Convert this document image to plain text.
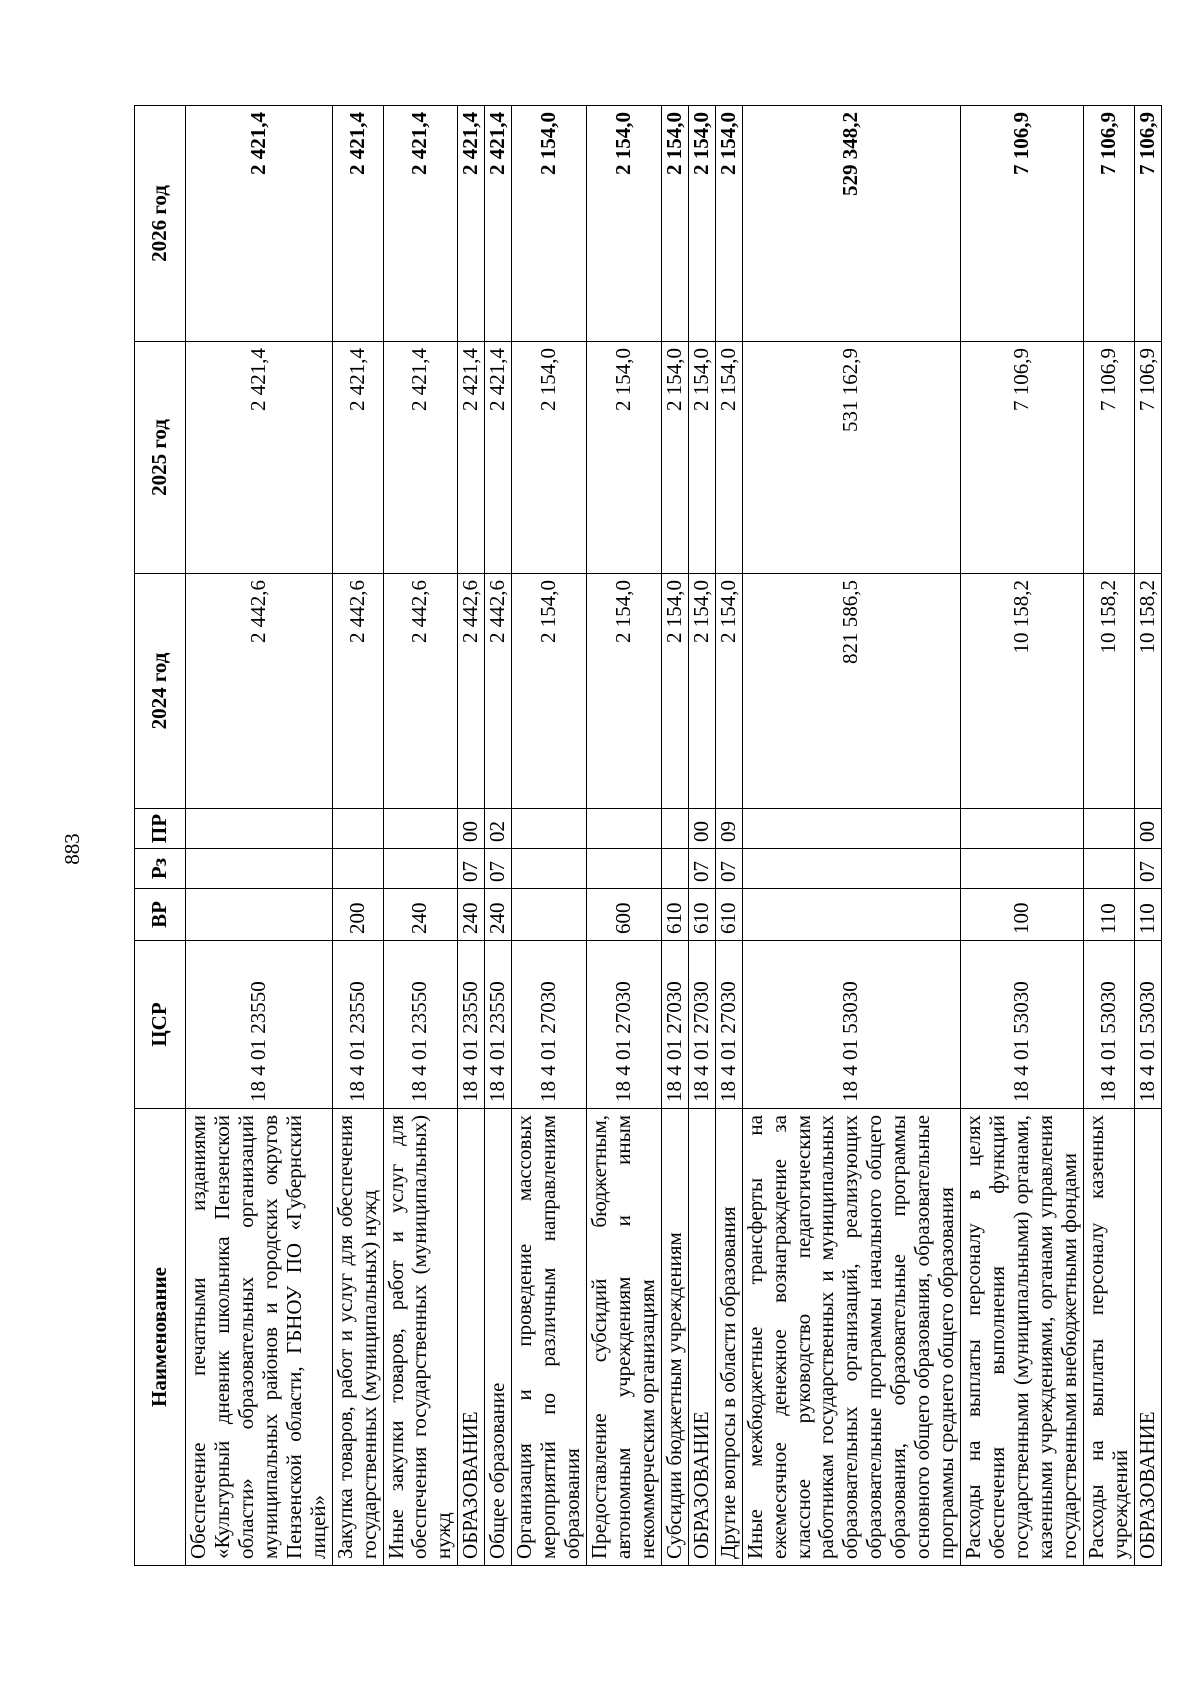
883
Наименование	ЦСР	ВР	Рз	ПР	2024 год	2025 год	2026 год
Обеспечение печатными изданиями «Культурный дневник школьника Пензенской области» образовательных организаций муниципальных районов и городских округов Пензенской области, ГБНОУ ПО «Губернский лицей»	18 4 01 23550				2 442,6	2 421,4	2 421,4
Закупка товаров, работ и услуг для обеспечения государственных (муниципальных) нужд	18 4 01 23550	200			2 442,6	2 421,4	2 421,4
Иные закупки товаров, работ и услуг для обеспечения государственных (муниципальных) нужд	18 4 01 23550	240			2 442,6	2 421,4	2 421,4
ОБРАЗОВАНИЕ	18 4 01 23550	240	07	00	2 442,6	2 421,4	2 421,4
Общее образование	18 4 01 23550	240	07	02	2 442,6	2 421,4	2 421,4
Организация и проведение массовых мероприятий по различным направлениям образования	18 4 01 27030				2 154,0	2 154,0	2 154,0
Предоставление субсидий бюджетным, автономным учреждениям и иным некоммерческим организациям	18 4 01 27030	600			2 154,0	2 154,0	2 154,0
Субсидии бюджетным учреждениям	18 4 01 27030	610			2 154,0	2 154,0	2 154,0
ОБРАЗОВАНИЕ	18 4 01 27030	610	07	00	2 154,0	2 154,0	2 154,0
Другие вопросы в области образования	18 4 01 27030	610	07	09	2 154,0	2 154,0	2 154,0
Иные межбюджетные трансферты на ежемесячное денежное вознаграждение за классное руководство педагогическим работникам государственных и муниципальных образовательных организаций, реализующих образовательные программы начального общего образования, образовательные программы основного общего образования, образовательные программы среднего общего образования	18 4 01 53030				821 586,5	531 162,9	529 348,2
Расходы на выплаты персоналу в целях обеспечения выполнения функций государственными (муниципальными) органами, казенными учреждениями, органами управления государственными внебюджетными фондами	18 4 01 53030	100			10 158,2	7 106,9	7 106,9
Расходы на выплаты персоналу казенных учреждений	18 4 01 53030	110			10 158,2	7 106,9	7 106,9
ОБРАЗОВАНИЕ	18 4 01 53030	110	07	00	10 158,2	7 106,9	7 106,9
